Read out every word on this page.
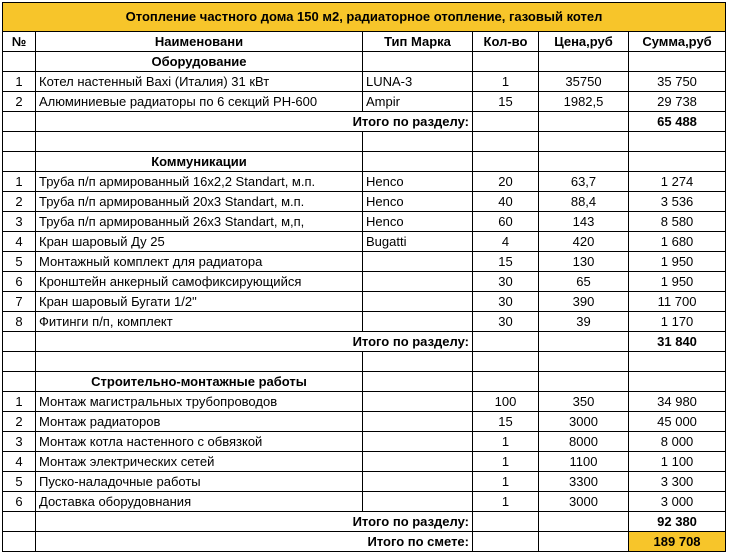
Отопление частного дома 150 м2, радиаторное отопление, газовый котел					
№	Наименовани	Тип Марка	Кол-во	Цена,руб	Сумма,руб
	Оборудование				
1	Котел настенный Baxi (Италия) 31 кВт	LUNA-3	1	35750	35 750
2	Алюминиевые радиаторы по 6 секций PH-600	Ampir	15	1982,5	29 738
	Итого по разделу:				65 488

	Коммуникации				
1	Труба п/п армированный 16х2,2 Standart, м.п.	Henco	20	63,7	1 274
2	Труба п/п армированный 20х3 Standart, м.п.	Henco	40	88,4	3 536
3	Труба п/п армированный 26х3 Standart, м,п,	Henco	60	143	8 580
4	Кран шаровый Ду 25	Bugatti	4	420	1 680
5	Монтажный комплект для радиатора		15	130	1 950
6	Кронштейн анкерный самофиксирующийся		30	65	1 950
7	Кран шаровый Бугати 1/2"		30	390	11 700
8	Фитинги п/п, комплект		30	39	1 170
	Итого по разделу:				31 840

	Строительно-монтажные работы				
1	Монтаж магистральных трубопроводов		100	350	34 980
2	Монтаж радиаторов		15	3000	45 000
3	Монтаж котла настенного с обвязкой		1	8000	8 000
4	Монтаж электрических сетей		1	1100	1 100
5	Пуско-наладочные работы		1	3300	3 300
6	Доставка оборудовнания		1	3000	3 000
	Итого по разделу:				92 380
	Итого по смете:				189 708
